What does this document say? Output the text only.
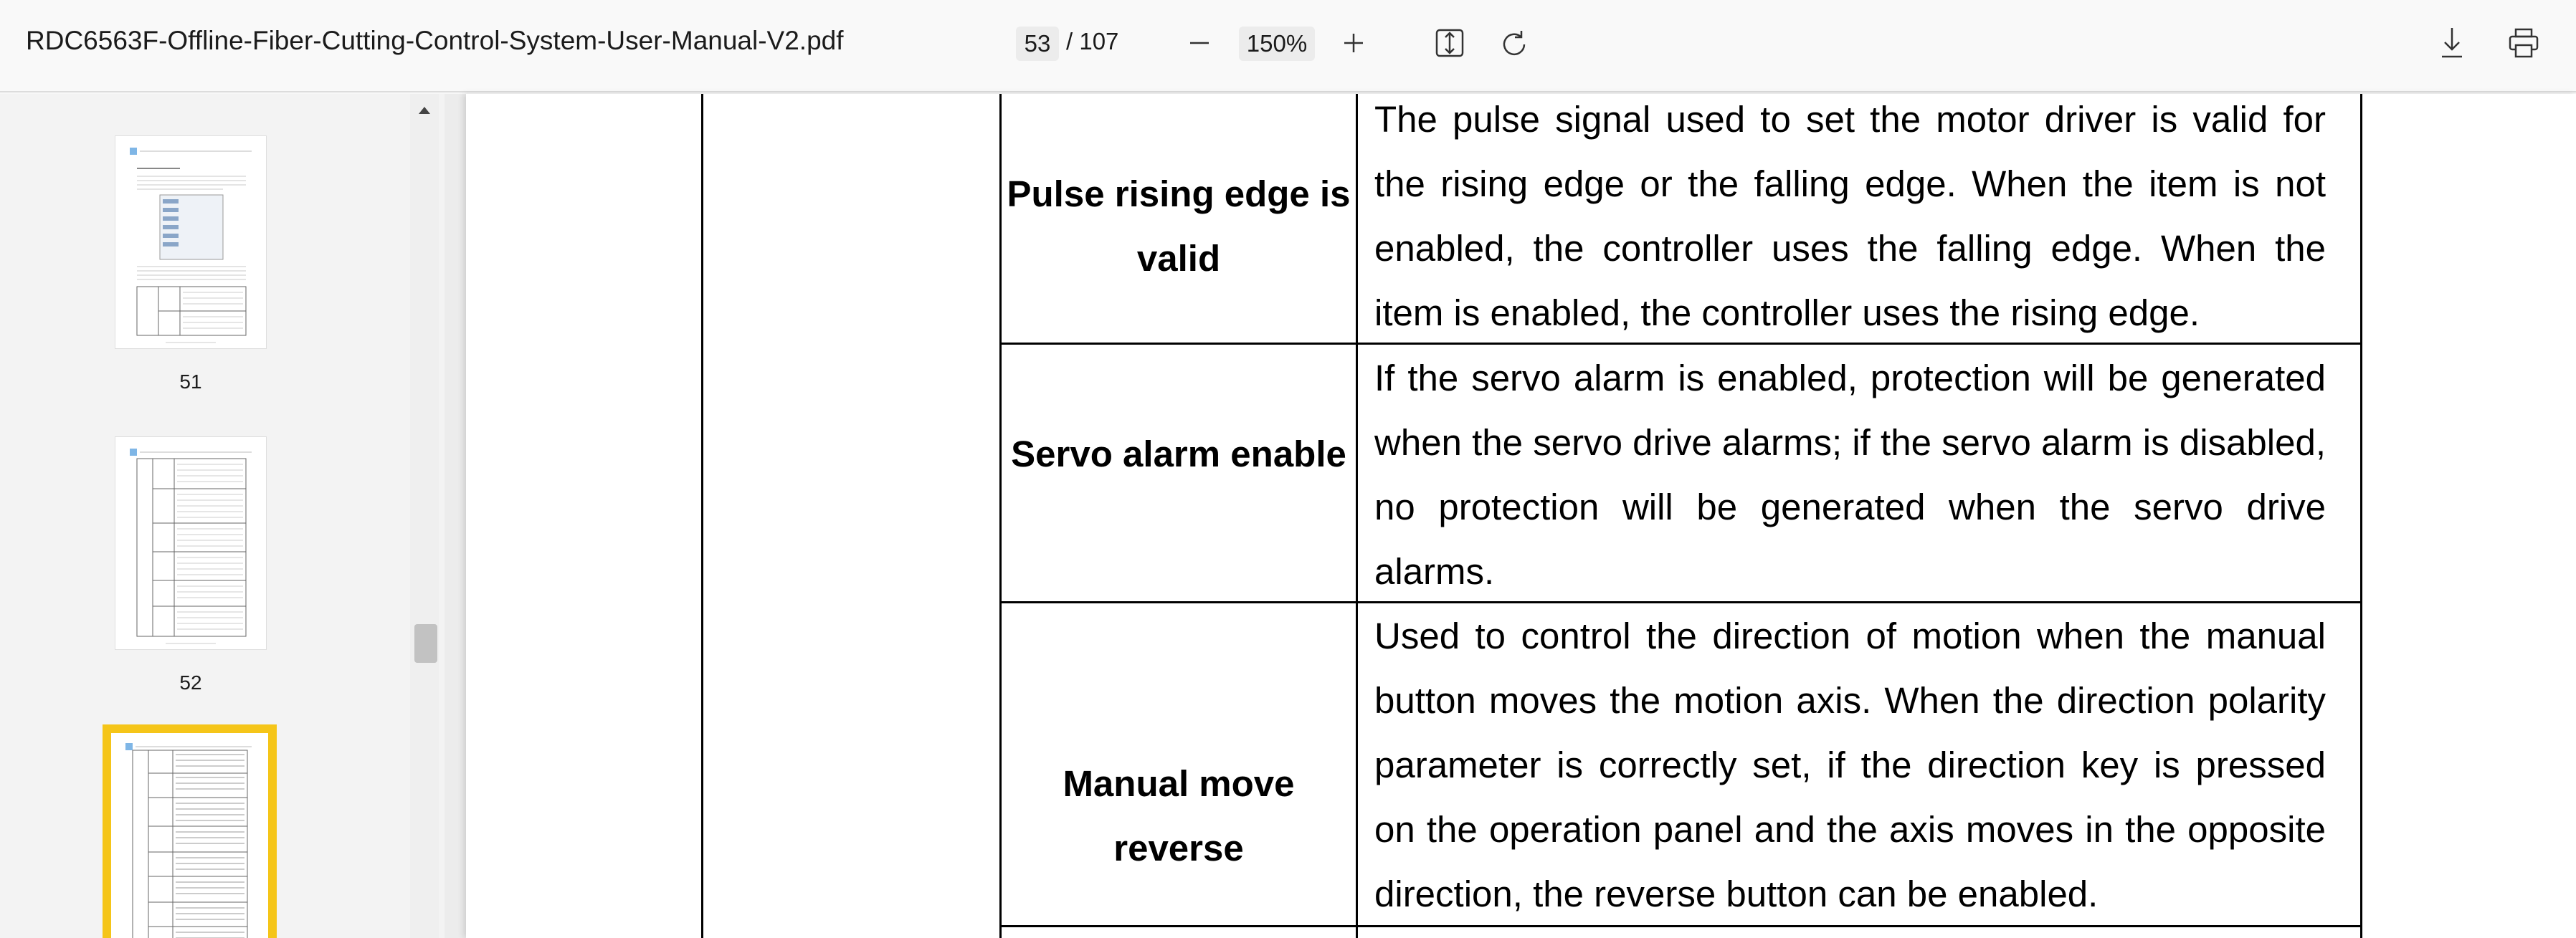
RDC6563F-Offline-Fiber-Cutting-Control-System-User-Manual-V2.pdf	53 / 107	150%
51
52
Pulse rising edge is valid
The pulse signal used to set the motor driver is valid for the rising edge or the falling edge. When the item is not enabled, the controller uses the falling edge. When the item is enabled, the controller uses the rising edge.
Servo alarm enable
If the servo alarm is enabled, protection will be generated when the servo drive alarms; if the servo alarm is disabled, no protection will be generated when the servo drive alarms.
Manual move reverse
Used to control the direction of motion when the manual button moves the motion axis. When the direction polarity parameter is correctly set, if the direction key is pressed on the operation panel and the axis moves in the opposite direction, the reverse button can be enabled.
